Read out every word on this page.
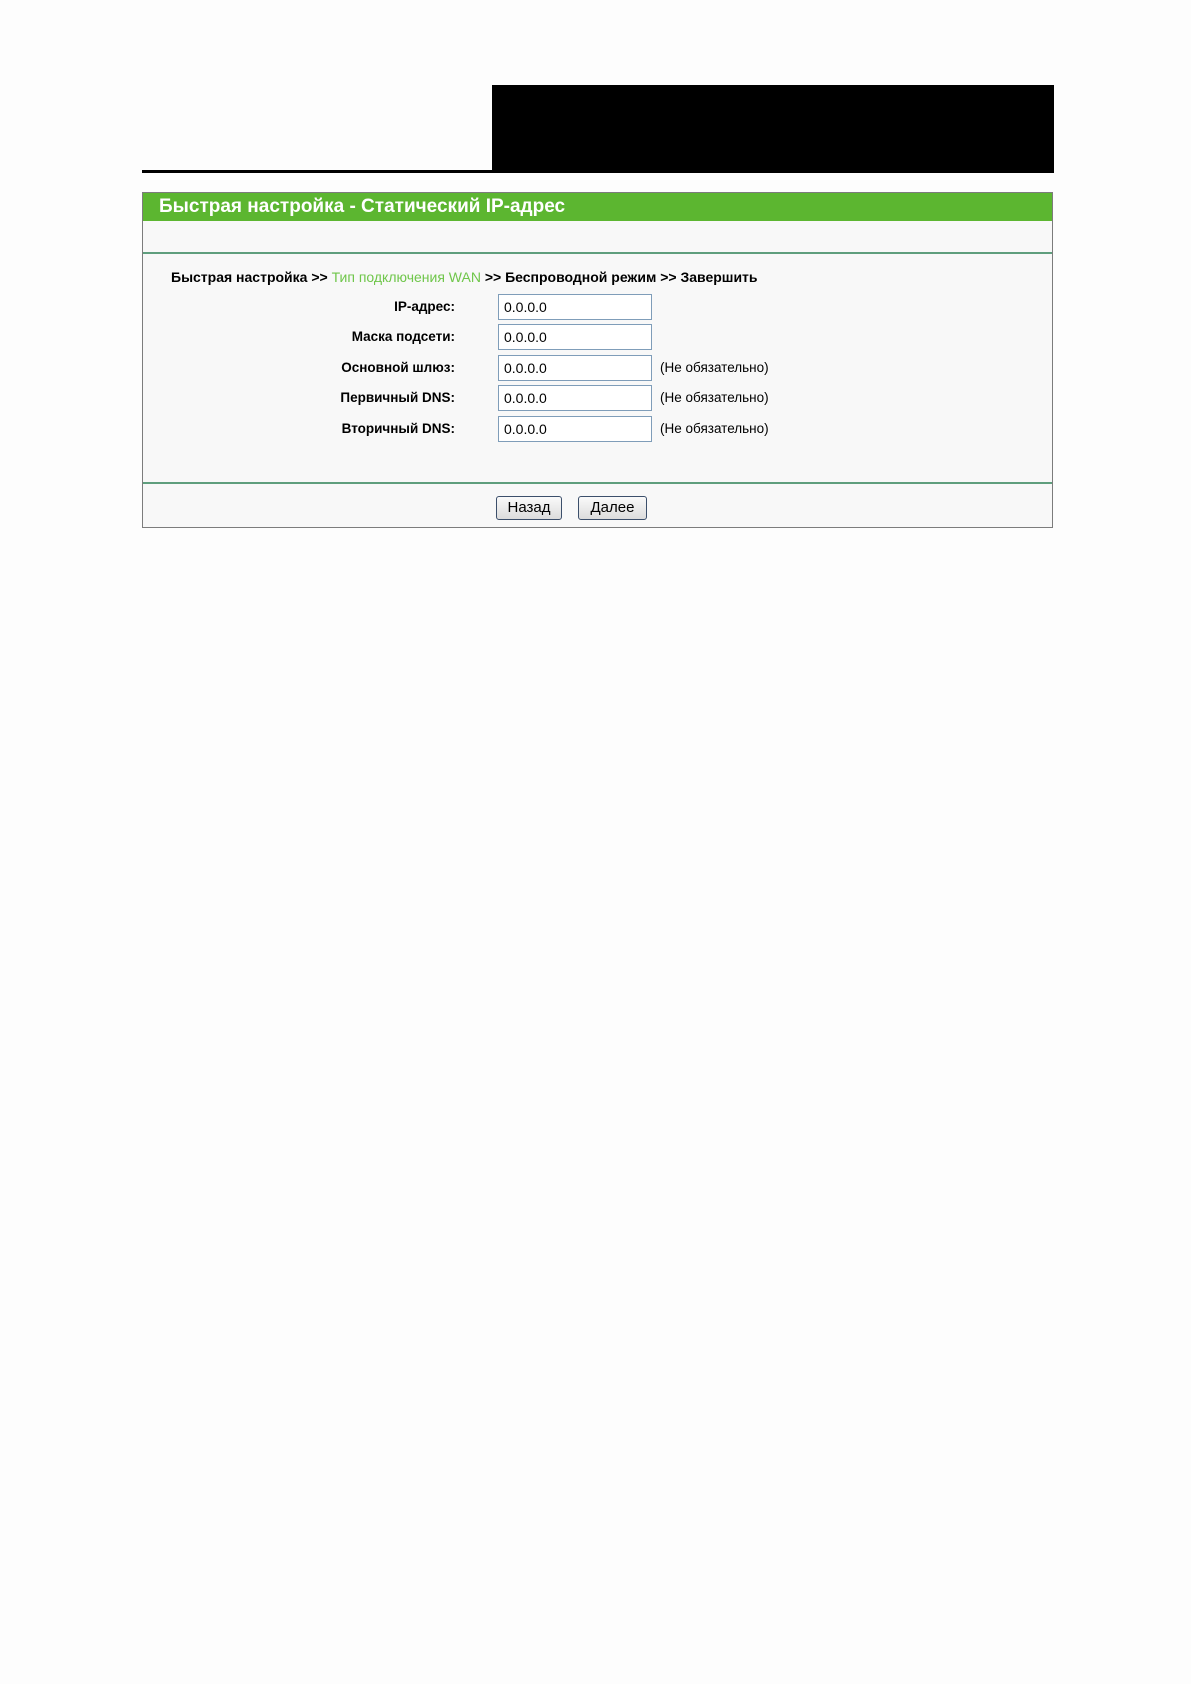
Быстрая настройка - Статический IP-адрес
Быстрая настройка >> Тип подключения WAN >> Беспроводной режим >> Завершить
IP-адрес:
0.0.0.0
Маска подсети:
0.0.0.0
Основной шлюз:
0.0.0.0	(Не обязательно)
Первичный DNS:
0.0.0.0	(Не обязательно)
Вторичный DNS:
0.0.0.0	(Не обязательно)
Назад	Далее
